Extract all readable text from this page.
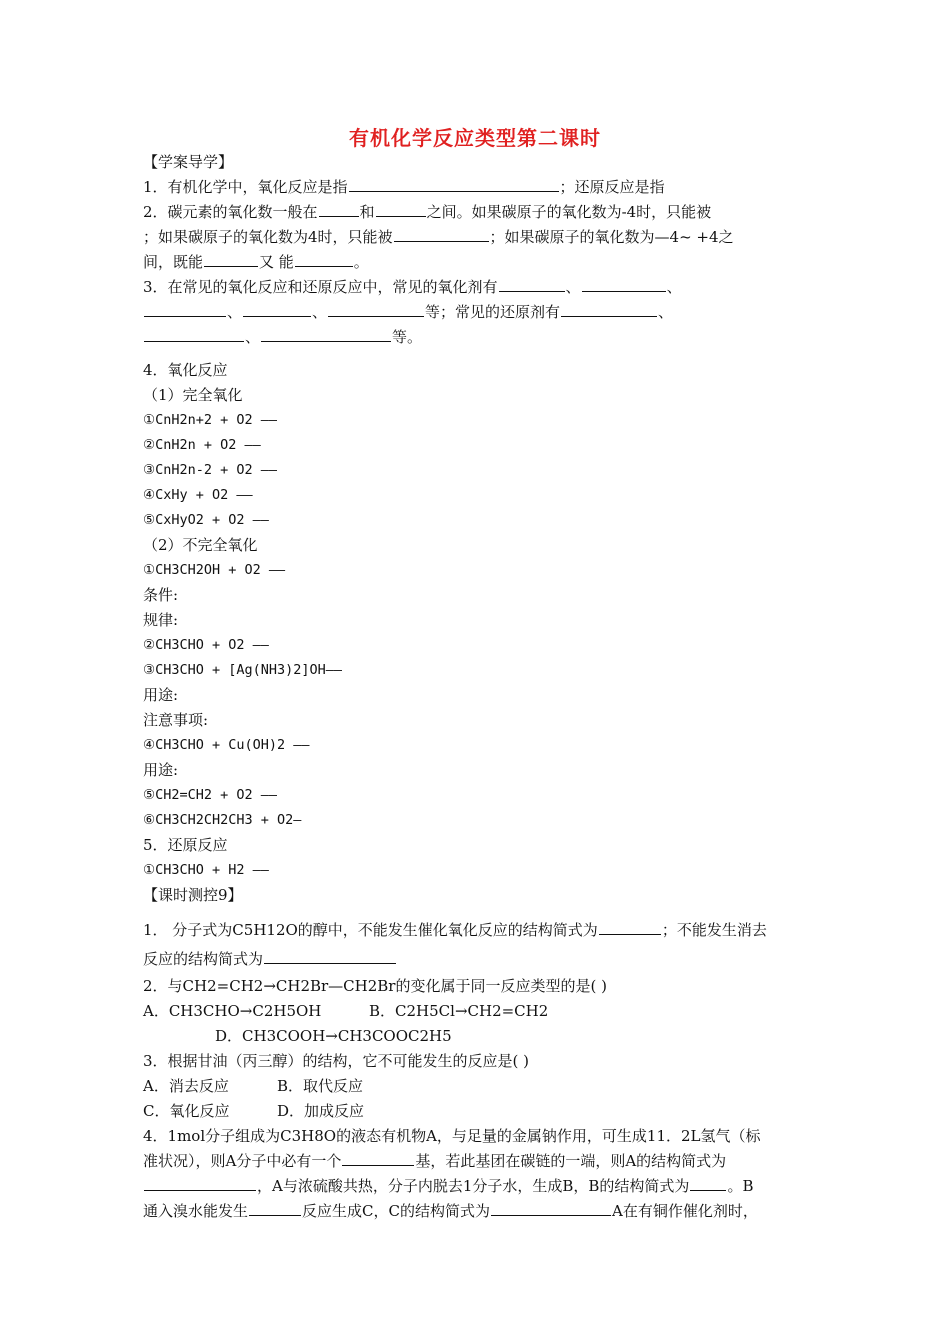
有机化学反应类型第二课时
【学案导学】
1．有机化学中，氧化反应是指	；还原反应是指
2．碳元素的氧化数一般在	和	之间。如果碳原子的氧化数为-4时，只能被
；如果碳原子的氧化数为4时，只能被	；如果碳原子的氧化数为—4~ +4之
间，既能	又 能	。
3．在常见的氧化反应和还原反应中，常见的氧化剂有	、	、
、	、	等；常见的还原剂有	、
、	等。
4．氧化反应
（1）完全氧化
①CnH2n+2 + O2 ——
②CnH2n + O2 ——
③CnH2n-2 + O2 ——
④CxHy + O2 ——
⑤CxHyO2 + O2 ——
（2）不完全氧化
①CH3CH2OH + O2 ——
条件:
规律:
②CH3CHO + O2 ——
③CH3CHO + [Ag(NH3)2]OH——
用途:
注意事项:
④CH3CHO + Cu(OH)2 ——
用途:
⑤CH2=CH2 + O2 ——
⑥CH3CH2CH2CH3 + O2—
5．还原反应
①CH3CHO + H2 ——
【课时测控9】
1． 分子式为C5H12O的醇中，不能发生催化氧化反应的结构简式为	；不能发生消去
反应的结构简式为
2．与CH2=CH2→CH2Br—CH2Br的变化属于同一反应类型的是( )
A．CH3CHO→C2H5OH	B．C2H5Cl→CH2=CH2
D．CH3COOH→CH3COOC2H5
3．根据甘油（丙三醇）的结构，它不可能发生的反应是( )
A．消去反应	B．取代反应
C．氧化反应	D．加成反应
4．1mol分子组成为C3H8O的液态有机物A，与足量的金属钠作用，可生成11．2L氢气（标
准状况），则A分子中必有一个	基，若此基团在碳链的一端，则A的结构简式为
，A与浓硫酸共热，分子内脱去1分子水，生成B，B的结构简式为	。B
通入溴水能发生	反应生成C，C的结构简式为	A在有铜作催化剂时，
